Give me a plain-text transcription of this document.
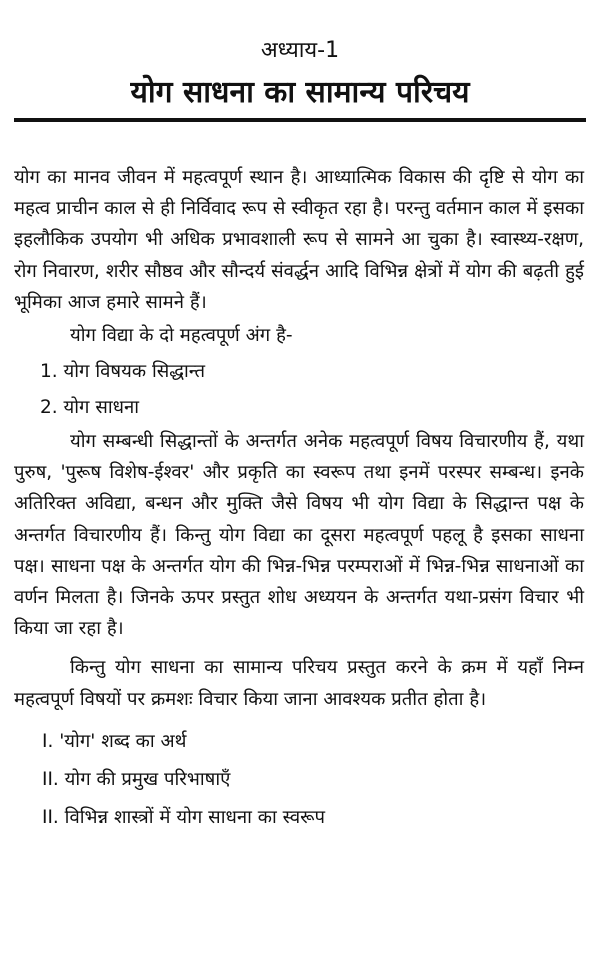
अध्याय-1
योग साधना का सामान्य परिचय

योग का मानव जीवन में महत्वपूर्ण स्थान है। आध्यात्मिक विकास की दृष्टि से योग का महत्व प्राचीन काल से ही निर्विवाद रूप से स्वीकृत रहा है। परन्तु वर्तमान काल में इसका इहलौकिक उपयोग भी अधिक प्रभावशाली रूप से सामने आ चुका है। स्वास्थ्य-रक्षण, रोग निवारण, शरीर सौष्ठव और सौन्दर्य संवर्द्धन आदि विभिन्न क्षेत्रों में योग की बढ़ती हुई भूमिका आज हमारे सामने हैं।

योग विद्या के दो महत्वपूर्ण अंग है-

1. योग विषयक सिद्धान्त

2. योग साधना

योग सम्बन्धी सिद्धान्तों के अन्तर्गत अनेक महत्वपूर्ण विषय विचारणीय हैं, यथा पुरुष, 'पुरूष विशेष-ईश्वर' और प्रकृति का स्वरूप तथा इनमें परस्पर सम्बन्ध। इनके अतिरिक्त अविद्या, बन्धन और मुक्ति जैसे विषय भी योग विद्या के सिद्धान्त पक्ष के अन्तर्गत विचारणीय हैं। किन्तु योग विद्या का दूसरा महत्वपूर्ण पहलू है इसका साधना पक्ष। साधना पक्ष के अन्तर्गत योग की भिन्न-भिन्न परम्पराओं में भिन्न-भिन्न साधनाओं का वर्णन मिलता है। जिनके ऊपर प्रस्तुत शोध अध्ययन के अन्तर्गत यथा-प्रसंग विचार भी किया जा रहा है।

किन्तु योग साधना का सामान्य परिचय प्रस्तुत करने के क्रम में यहाँ निम्न महत्वपूर्ण विषयों पर क्रमशः विचार किया जाना आवश्यक प्रतीत होता है।

I. 'योग' शब्द का अर्थ

II. योग की प्रमुख परिभाषाएँ

II. विभिन्न शास्त्रों में योग साधना का स्वरूप
